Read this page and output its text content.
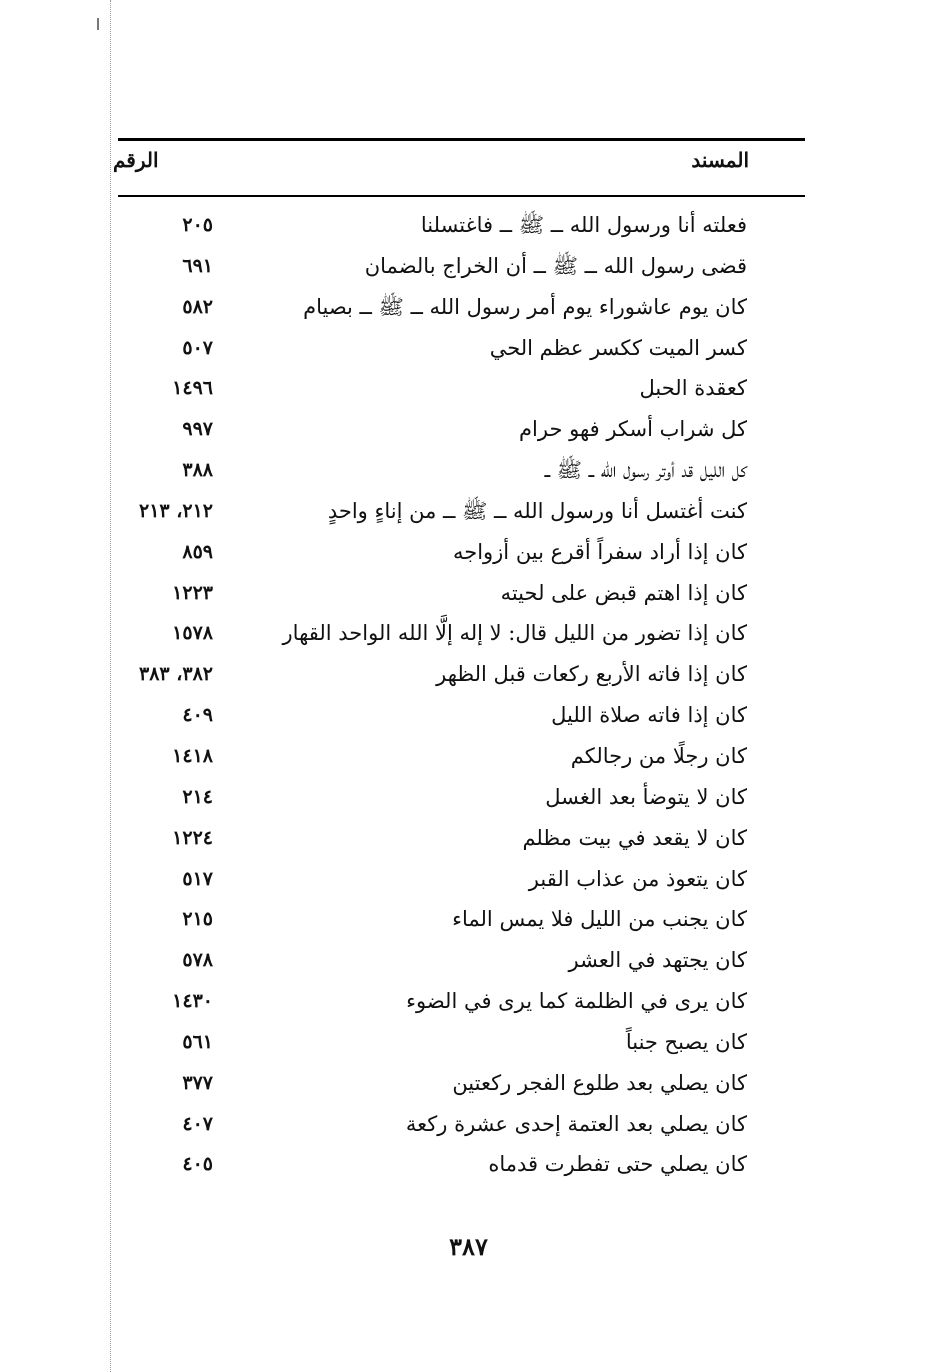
المسند
الرقم
فعلته أنا ورسول الله ــ ﷺ ــ فاغتسلنا
٢٠٥
قضى رسول الله ــ ﷺ ــ أن الخراج بالضمان
٦٩١
كان يوم عاشوراء يوم أمر رسول الله ــ ﷺ ــ بصيام
٥٨٢
كسر الميت ككسر عظم الحي
٥٠٧
كعقدة الحبل
١٤٩٦
كل شراب أسكر فهو حرام
٩٩٧
كل الليل قد أوتر رسول الله ــ ﷺ ــ
٣٨٨
كنت أغتسل أنا ورسول الله ــ ﷺ ــ من إناءٍ واحدٍ
٢١٢، ٢١٣
كان إذا أراد سفراً أقرع بين أزواجه
٨٥٩
كان إذا اهتم قبض على لحيته
١٢٢٣
كان إذا تضور من الليل قال: لا إله إلَّا الله الواحد القهار
١٥٧٨
كان إذا فاته الأربع ركعات قبل الظهر
٣٨٢، ٣٨٣
كان إذا فاته صلاة الليل
٤٠٩
كان رجلًا من رجالكم
١٤١٨
كان لا يتوضأ بعد الغسل
٢١٤
كان لا يقعد في بيت مظلم
١٢٢٤
كان يتعوذ من عذاب القبر
٥١٧
كان يجنب من الليل فلا يمس الماء
٢١٥
كان يجتهد في العشر
٥٧٨
كان يرى في الظلمة كما يرى في الضوء
١٤٣٠
كان يصبح جنباً
٥٦١
كان يصلي بعد طلوع الفجر ركعتين
٣٧٧
كان يصلي بعد العتمة إحدى عشرة ركعة
٤٠٧
كان يصلي حتى تفطرت قدماه
٤٠٥
٣٨٧
